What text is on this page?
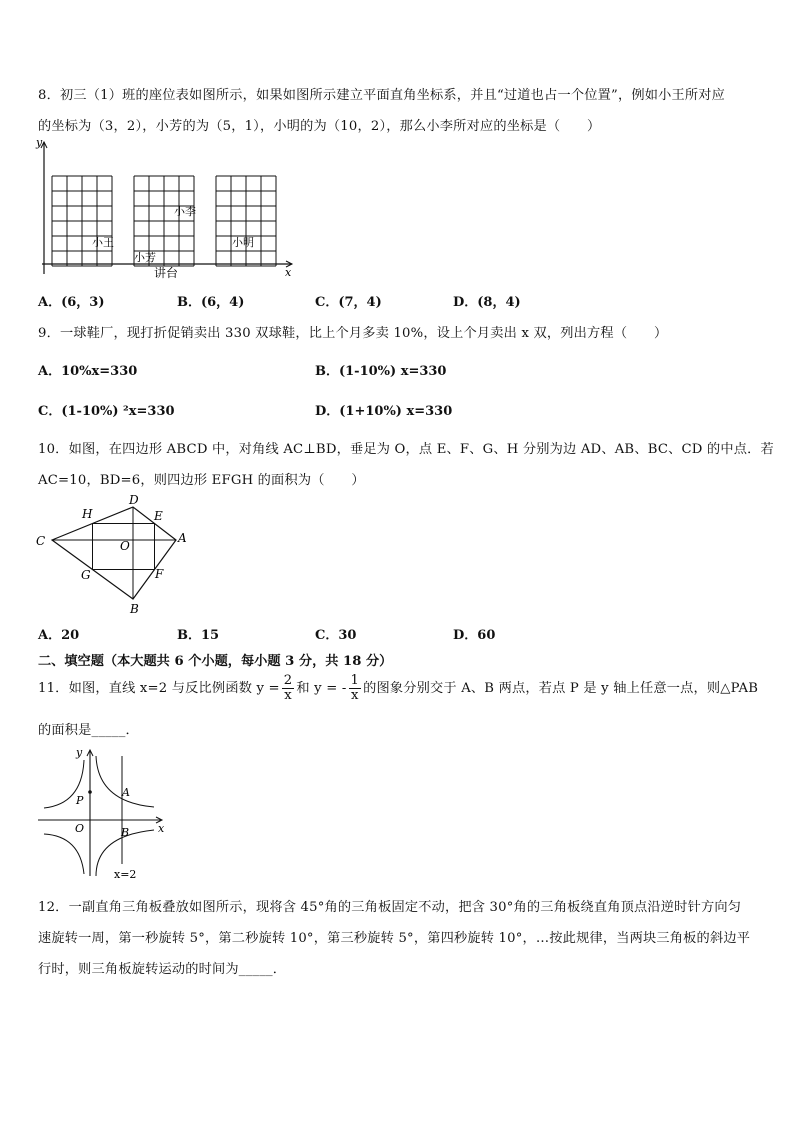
8．初三（1）班的座位表如图所示，如果如图所示建立平面直角坐标系，并且“过道也占一个位置”，例如小王所对应
的坐标为（3，2），小芳的为（5，1），小明的为（10，2），那么小李所对应的坐标是（　　）
y
x
小王
小芳
小李
小明
讲台
A．(6，3)	B．(6，4)	C．(7，4)	D．(8，4)
9．一球鞋厂，现打折促销卖出 330 双球鞋，比上个月多卖 10%，设上个月卖出 x 双，列出方程（　　）
A．10%x=330	B．(1-10%) x=330
C．(1-10%) ²x=330	D．(1+10%) x=330
10．如图，在四边形 ABCD 中，对角线 AC⊥BD，垂足为 O，点 E、F、G、H 分别为边 AD、AB、BC、CD 的中点．若
AC=10，BD=6，则四边形 EFGH 的面积为（　　）
D
H	E
C	O
A
G	F
B
A．20	B．15	C．30	D．60
二、填空题（本大题共 6 个小题，每小题 3 分，共 18 分）
11．如图，直线 x=2 与反比例函数 $y = \frac{2}{x}$ 和 y = - $\frac{1}{x}$ 的图象分别交于 A、B 两点，若点 P 是 y 轴上任意一点，则△PAB
的面积是_____．
y
x
P
A
O	B
x=2
12．一副直角三角板叠放如图所示，现将含 45°角的三角板固定不动，把含 30°角的三角板绕直角顶点沿逆时针方向匀
速旋转一周，第一秒旋转 5°，第二秒旋转 10°，第三秒旋转 5°，第四秒旋转 10°，…按此规律，当两块三角板的斜边平
行时，则三角板旋转运动的时间为_____．
